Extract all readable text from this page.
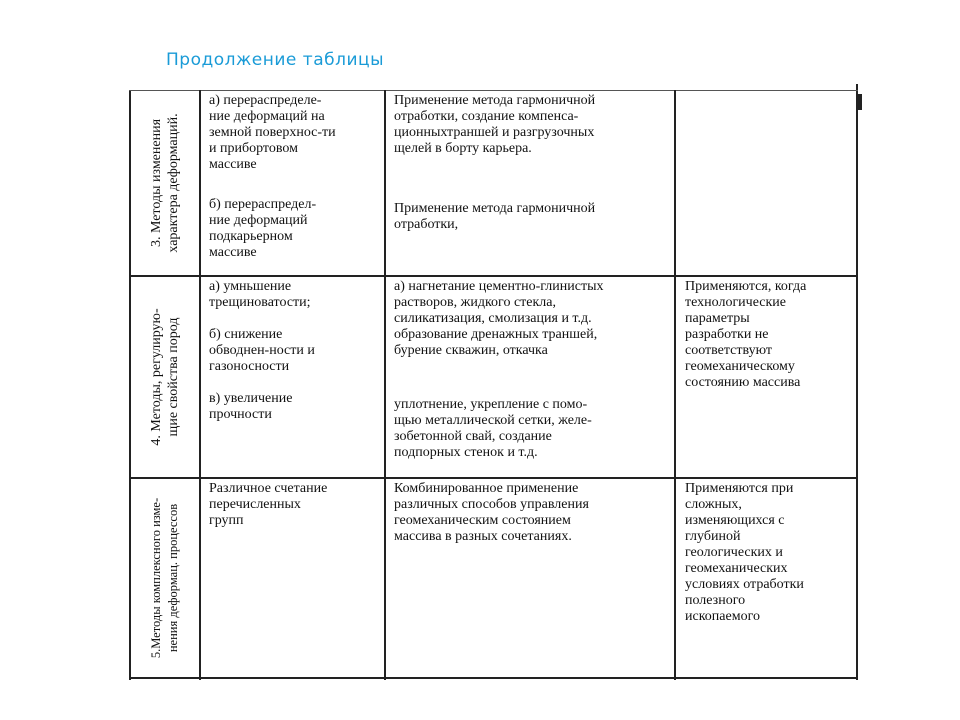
Продолжение таблицы
3. Методы изменения характера деформаций.

а) перераспределе-

ние деформаций на

земной поверхнос-ти

и прибортовом

массиве

б) перераспредел-

ние деформаций

подкарьерном

массиве

Применение метода гармоничной

отработки, создание компенса-

ционныхтраншей и разгрузочных

щелей в борту карьера.

Применение метода гармоничной

отработки,

4. Методы, регулирую- щие свойства пород

а) умньшение

трещиноватости;

б) снижение

обводнен-ности и

газоносности

в) увеличение

прочности

а) нагнетание цементно-глинистых

растворов, жидкого стекла,

силикатизация, смолизация и т.д.

образование дренажных траншей,

бурение скважин, откачка

уплотнение, укрепление с помо-

щью металлической сетки, желе-

зобетонной свай, создание

подпорных стенок и т.д.

Применяются, когда

технологические

параметры

разработки не

соответствуют

геомеханическому

состоянию массива

5.Методы комплексного изме- нения деформац. процессов

Различное счетание

перечисленных

групп

Комбинированное применение

различных способов управления

геомеханическим состоянием

массива в разных сочетаниях.

Применяются при

сложных,

изменяющихся с

глубиной

геологических и

геомеханических

условиях отработки

полезного

ископаемого
